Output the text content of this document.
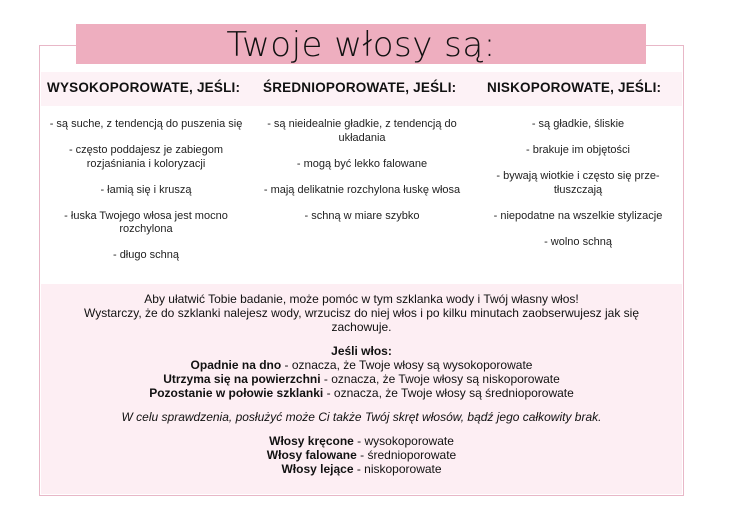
Twoje włosy są:
WYSOKOPOROWATE, JEŚLI: ŚREDNIOPOROWATE, JEŚLI: NISKOPOROWATE, JEŚLI:

- są suche, z tendencją do puszenia się

- często poddajesz je zabiegom rozjaśniania i koloryzacji

- łamią się i kruszą

- łuska Twojego włosa jest mocno rozchylona

- długo schną

- są nieidealnie gładkie, z tendencją do układania

- mogą być lekko falowane

- mają delikatnie rozchylona łuskę włosa

- schną w miare szybko

- są gładkie, śliskie

- brakuje im objętości

- bywają wiotkie i często się prze-tłuszczają

- niepodatne na wszelkie stylizacje

- wolno schną

Aby ułatwić Tobie badanie, może pomóc w tym szklanka wody i Twój własny włos!

Wystarczy, że do szklanki nalejesz wody, wrzucisz do niej włos i po kilku minutach zaobserwujesz jak się zachowuje.

Jeśli włos:

Opadnie na dno - oznacza, że Twoje włosy są wysokoporowate

Utrzyma się na powierzchni - oznacza, że Twoje włosy są niskoporowate

Pozostanie w połowie szklanki - oznacza, że Twoje włosy są średnioporowate

W celu sprawdzenia, posłużyć może Ci także Twój skręt włosów, bądź jego całkowity brak.

Włosy kręcone - wysokoporowate

Włosy falowane - średnioporowate

Włosy lejące - niskoporowate
